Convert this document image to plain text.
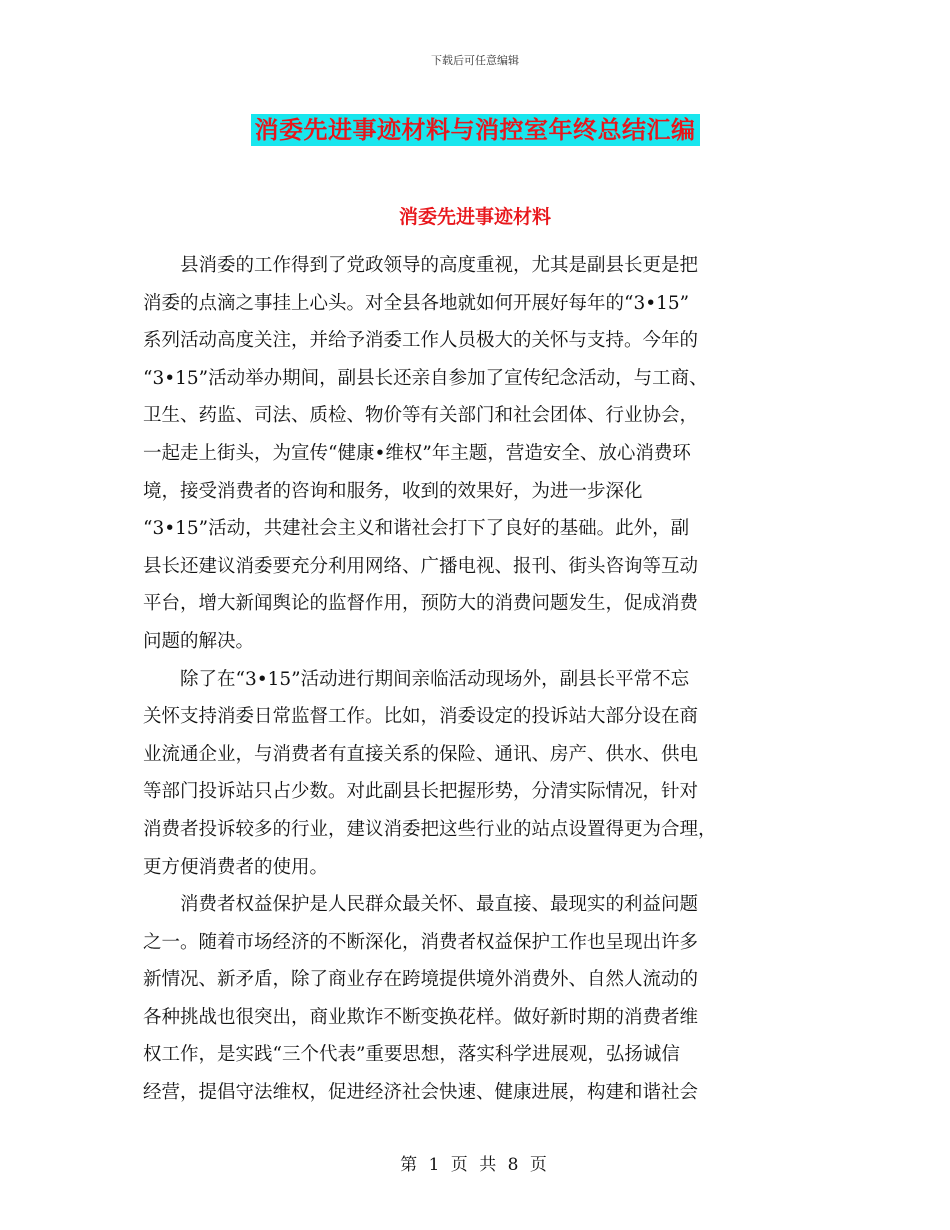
下载后可任意编辑
消委先进事迹材料与消控室年终总结汇编
消委先进事迹材料

县消委的工作得到了党政领导的高度重视，尤其是副县长更是把
消委的点滴之事挂上心头。对全县各地就如何开展好每年的“3•15”
系列活动高度关注，并给予消委工作人员极大的关怀与支持。今年的
“3•15”活动举办期间，副县长还亲自参加了宣传纪念活动，与工商、
卫生、药监、司法、质检、物价等有关部门和社会团体、行业协会，
一起走上街头，为宣传“健康•维权”年主题，营造安全、放心消费环
境，接受消费者的咨询和服务，收到的效果好，为进一步深化
“3•15”活动，共建社会主义和谐社会打下了良好的基础。此外，副
县长还建议消委要充分利用网络、广播电视、报刊、街头咨询等互动
平台，增大新闻舆论的监督作用，预防大的消费问题发生，促成消费
问题的解决。

除了在“3•15”活动进行期间亲临活动现场外，副县长平常不忘
关怀支持消委日常监督工作。比如，消委设定的投诉站大部分设在商
业流通企业，与消费者有直接关系的保险、通讯、房产、供水、供电
等部门投诉站只占少数。对此副县长把握形势，分清实际情况，针对
消费者投诉较多的行业，建议消委把这些行业的站点设置得更为合理，
更方便消费者的使用。

消费者权益保护是人民群众最关怀、最直接、最现实的利益问题
之一。随着市场经济的不断深化，消费者权益保护工作也呈现出许多
新情况、新矛盾，除了商业存在跨境提供境外消费外、自然人流动的
各种挑战也很突出，商业欺诈不断变换花样。做好新时期的消费者维
权工作，是实践“三个代表”重要思想，落实科学进展观，弘扬诚信
经营，提倡守法维权，促进经济社会快速、健康进展，构建和谐社会

第 1 页 共 8 页
